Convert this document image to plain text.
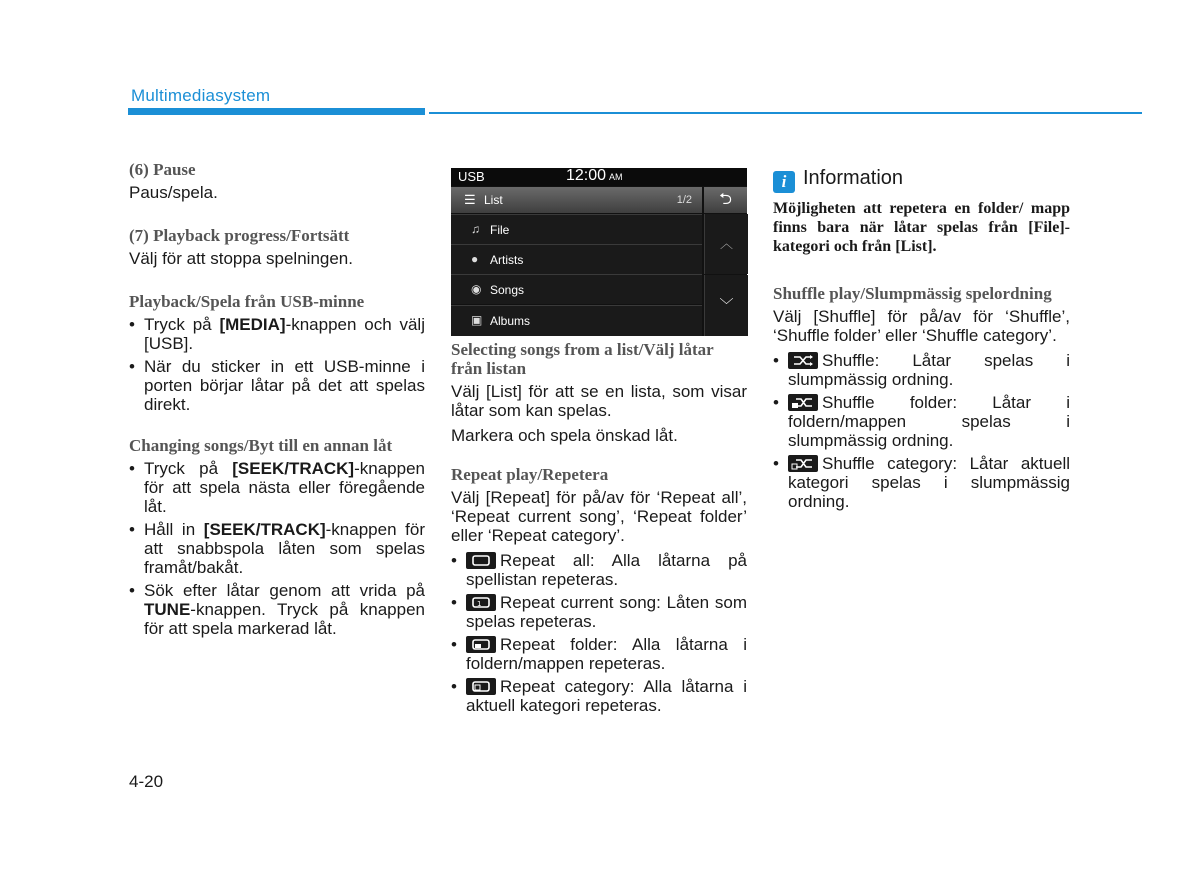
Multimediasystem
(6) Pause
Paus/spela.
(7) Playback progress/Fortsätt
Välj för att stoppa spelningen.
Playback/Spela från USB-minne
• Tryck på [MEDIA]-knappen och välj [USB].
• När du sticker in ett USB-minne i porten börjar låtar på det att spelas direkt.
Changing songs/Byt till en annan låt
• Tryck på [SEEK/TRACK]-knappen för att spela nästa eller föregående låt.
• Håll in [SEEK/TRACK]-knappen för att snabbspola låten som spelas framåt/bakåt.
• Sök efter låtar genom att vrida på TUNE-knappen. Tryck på knappen för att spela markerad låt.
USB	12:00 AM
☰ List	1/2	⮌
♫ File
● Artists
◉ Songs
▣ Albums
︿
﹀
Selecting songs from a list/Välj låtar från listan
Välj [List] för att se en lista, som visar låtar som kan spelas.
Markera och spela önskad låt.
Repeat play/Repetera
Välj [Repeat] för på/av för ‘Repeat all’, ‘Repeat current song’, ‘Repeat folder’ eller ‘Repeat category’.
• Repeat all: Alla låtarna på spellistan repeteras.
• 1 Repeat current song: Låten som spelas repeteras.
• Repeat folder: Alla låtarna i foldern/mappen repeteras.
• Repeat category: Alla låtarna i aktuell kategori repeteras.
i Information
Möjligheten att repetera en folder/ mapp finns bara när låtar spelas från [File]-kategori och från [List].
Shuffle play/Slumpmässig spelordning
Välj [Shuffle] för på/av för ‘Shuffle’, ‘Shuffle folder’ eller ‘Shuffle category’.
• Shuffle: Låtar spelas i slumpmässig ordning.
• Shuffle folder: Låtar i foldern/mappen spelas i slumpmässig ordning.
• Shuffle category: Låtar aktuell kategori spelas i slumpmässig ordning.
4-20
